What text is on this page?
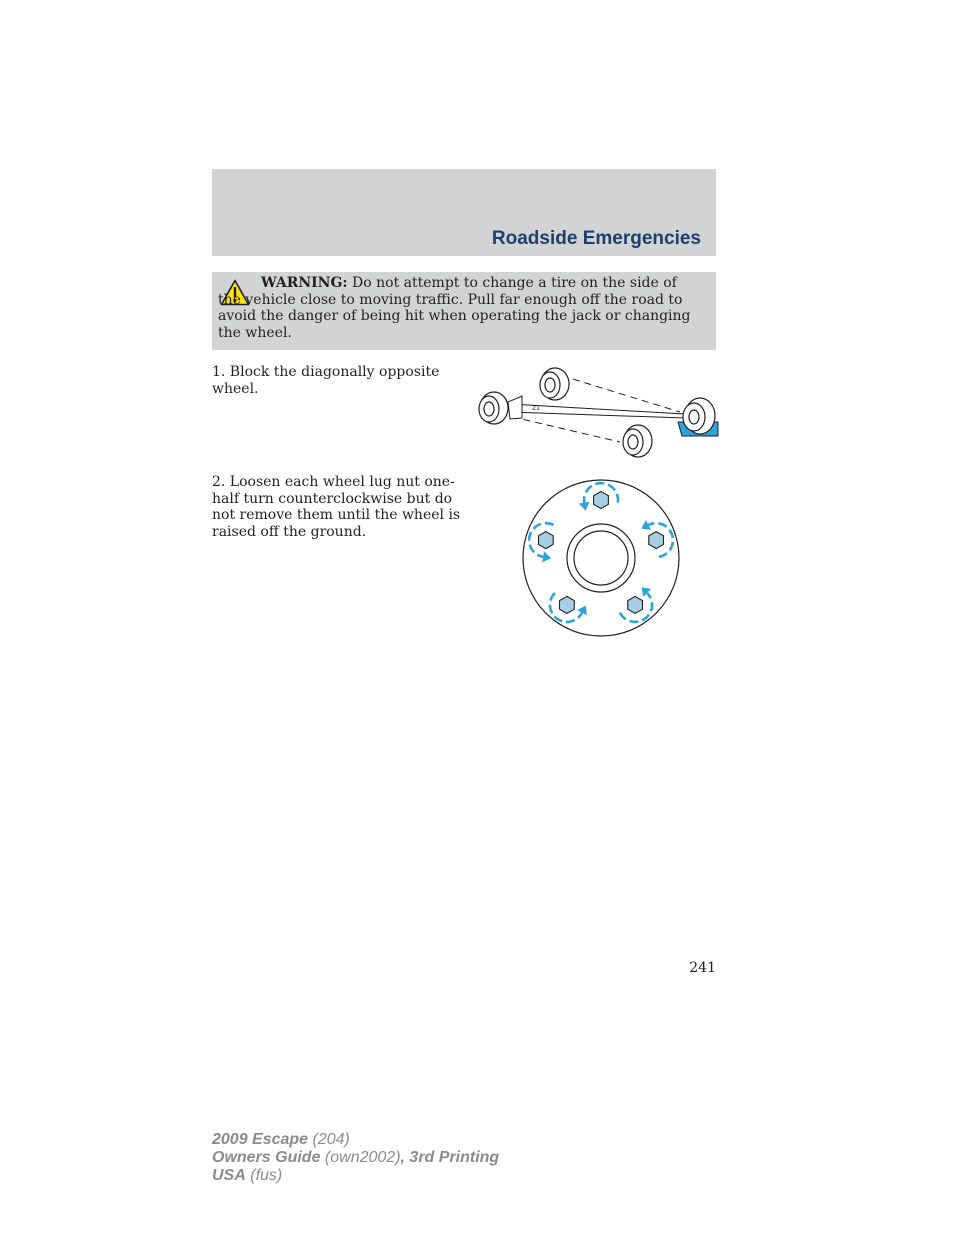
Roadside Emergencies
WARNING: Do not attempt to change a tire on the side of the vehicle close to moving traffic. Pull far enough off the road to avoid the danger of being hit when operating the jack or changing the wheel.
1. Block the diagonally opposite wheel.
Z1
2. Loosen each wheel lug nut one-half turn counterclockwise but do not remove them until the wheel is raised off the ground.
241
2009 Escape (204)
Owners Guide (own2002), 3rd Printing
USA (fus)
